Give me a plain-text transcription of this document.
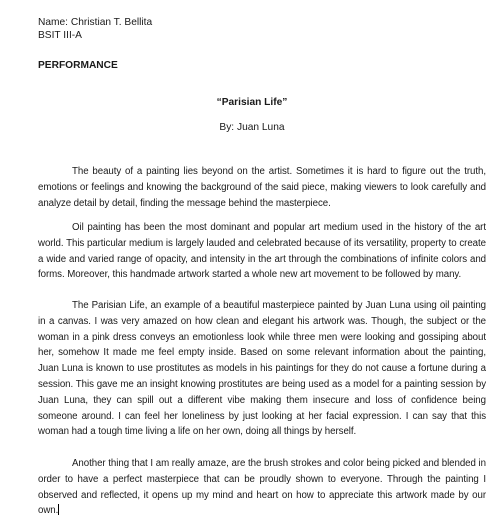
Name: Christian T. Bellita
BSIT III-A
PERFORMANCE
“Parisian Life”
By: Juan Luna

The beauty of a painting lies beyond on the artist. Sometimes it is hard to figure out the truth, emotions or feelings and knowing the background of the said piece, making viewers to look carefully and analyze detail by detail, finding the message behind the masterpiece.

Oil painting has been the most dominant and popular art medium used in the history of the art world. This particular medium is largely lauded and celebrated because of its versatility, property to create a wide and varied range of opacity, and intensity in the art through the combinations of infinite colors and forms. Moreover, this handmade artwork started a whole new art movement to be followed by many.

The Parisian Life, an example of a beautiful masterpiece painted by Juan Luna using oil painting in a canvas. I was very amazed on how clean and elegant his artwork was. Though, the subject or the woman in a pink dress conveys an emotionless look while three men were looking and gossiping about her, somehow It made me feel empty inside. Based on some relevant information about the painting, Juan Luna is known to use prostitutes as models in his paintings for they do not cause a fortune during a session. This gave me an insight knowing prostitutes are being used as a model for a painting session by Juan Luna, they can spill out a different vibe making them insecure and loss of confidence being someone around. I can feel her loneliness by just looking at her facial expression. I can say that this woman had a tough time living a life on her own, doing all things by herself.

Another thing that I am really amaze, are the brush strokes and color being picked and blended in order to have a perfect masterpiece that can be proudly shown to everyone. Through the painting I observed and reflected, it opens up my mind and heart on how to appreciate this artwork made by our own.
